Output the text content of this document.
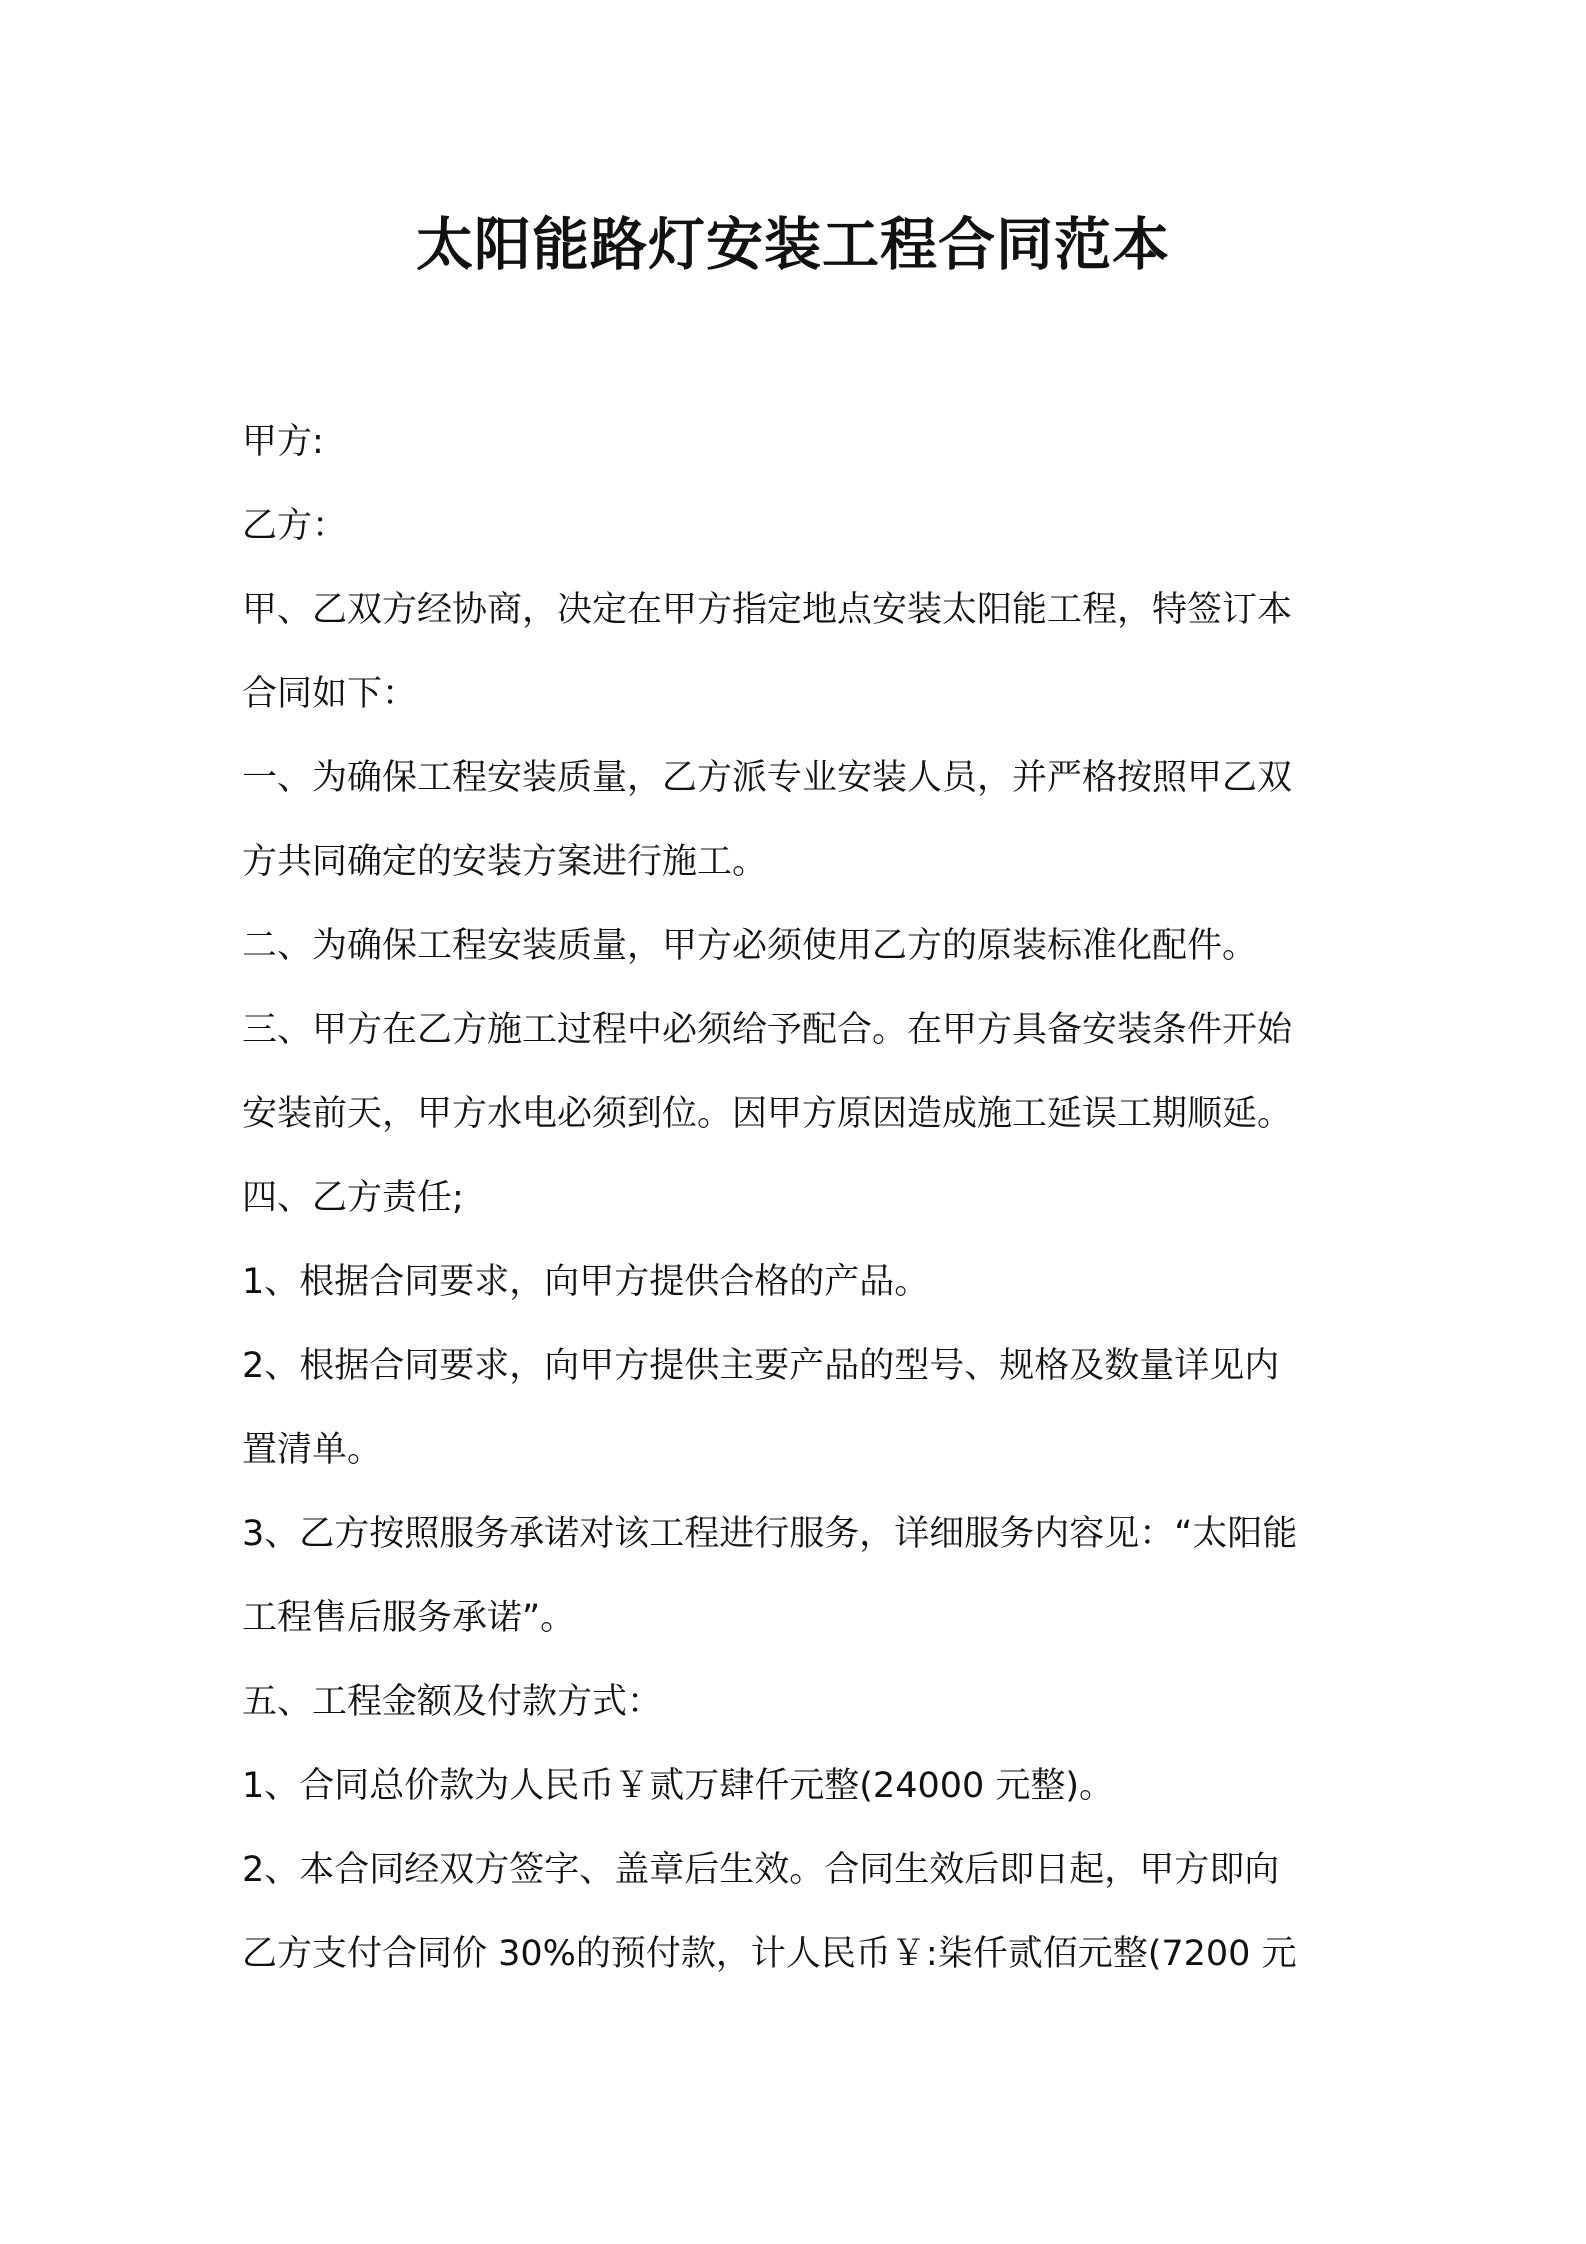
太阳能路灯安装工程合同范本

甲方:

乙方：

甲、乙双方经协商，决定在甲方指定地点安装太阳能工程，特签订本

合同如下：

一、为确保工程安装质量，乙方派专业安装人员，并严格按照甲乙双

方共同确定的安装方案进行施工。

二、为确保工程安装质量，甲方必须使用乙方的原装标准化配件。

三、甲方在乙方施工过程中必须给予配合。在甲方具备安装条件开始

安装前天，甲方水电必须到位。因甲方原因造成施工延误工期顺延。

四、乙方责任;

1、根据合同要求，向甲方提供合格的产品。

2、根据合同要求，向甲方提供主要产品的型号、规格及数量详见内

置清单。

3、乙方按照服务承诺对该工程进行服务，详细服务内容见：“太阳能

工程售后服务承诺”。

五、工程金额及付款方式：

1、合同总价款为人民币￥贰万肆仟元整(24000 元整)。

2、本合同经双方签字、盖章后生效。合同生效后即日起，甲方即向

乙方支付合同价 30%的预付款，计人民币￥:柒仟贰佰元整(7200 元
